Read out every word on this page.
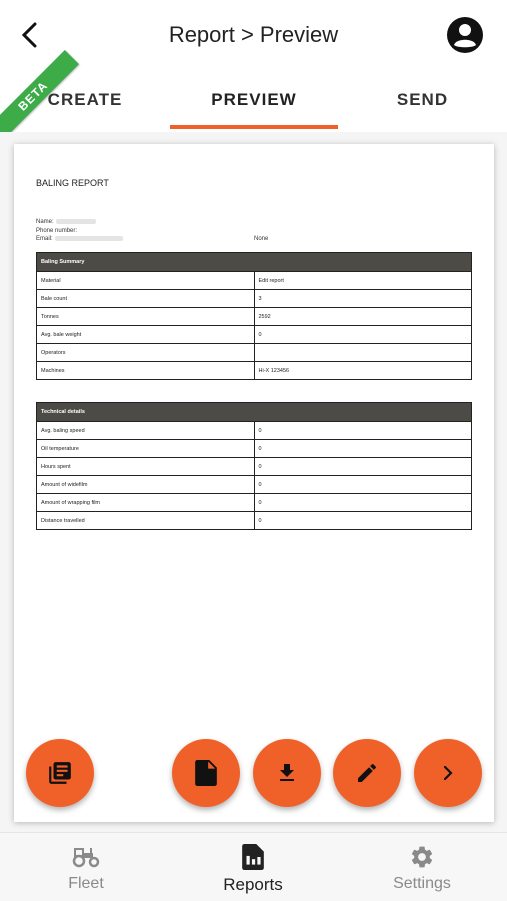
Report > Preview
CREATE	PREVIEW	SEND
BETA
BALING REPORT
Name:
Phone number:
Email:	None
Baling Summary	
Material	Edit report
Bale count	3
Tonnes	2592
Avg. bale weight	0
Operators	
Machines	Hi-X 123456
Technical details	
Avg. baling speed	0
Oil temperature	0
Hours spent	0
Amount of widefilm	0
Amount of wrapping film	0
Distance travelled	0
Fleet	Reports	Settings
